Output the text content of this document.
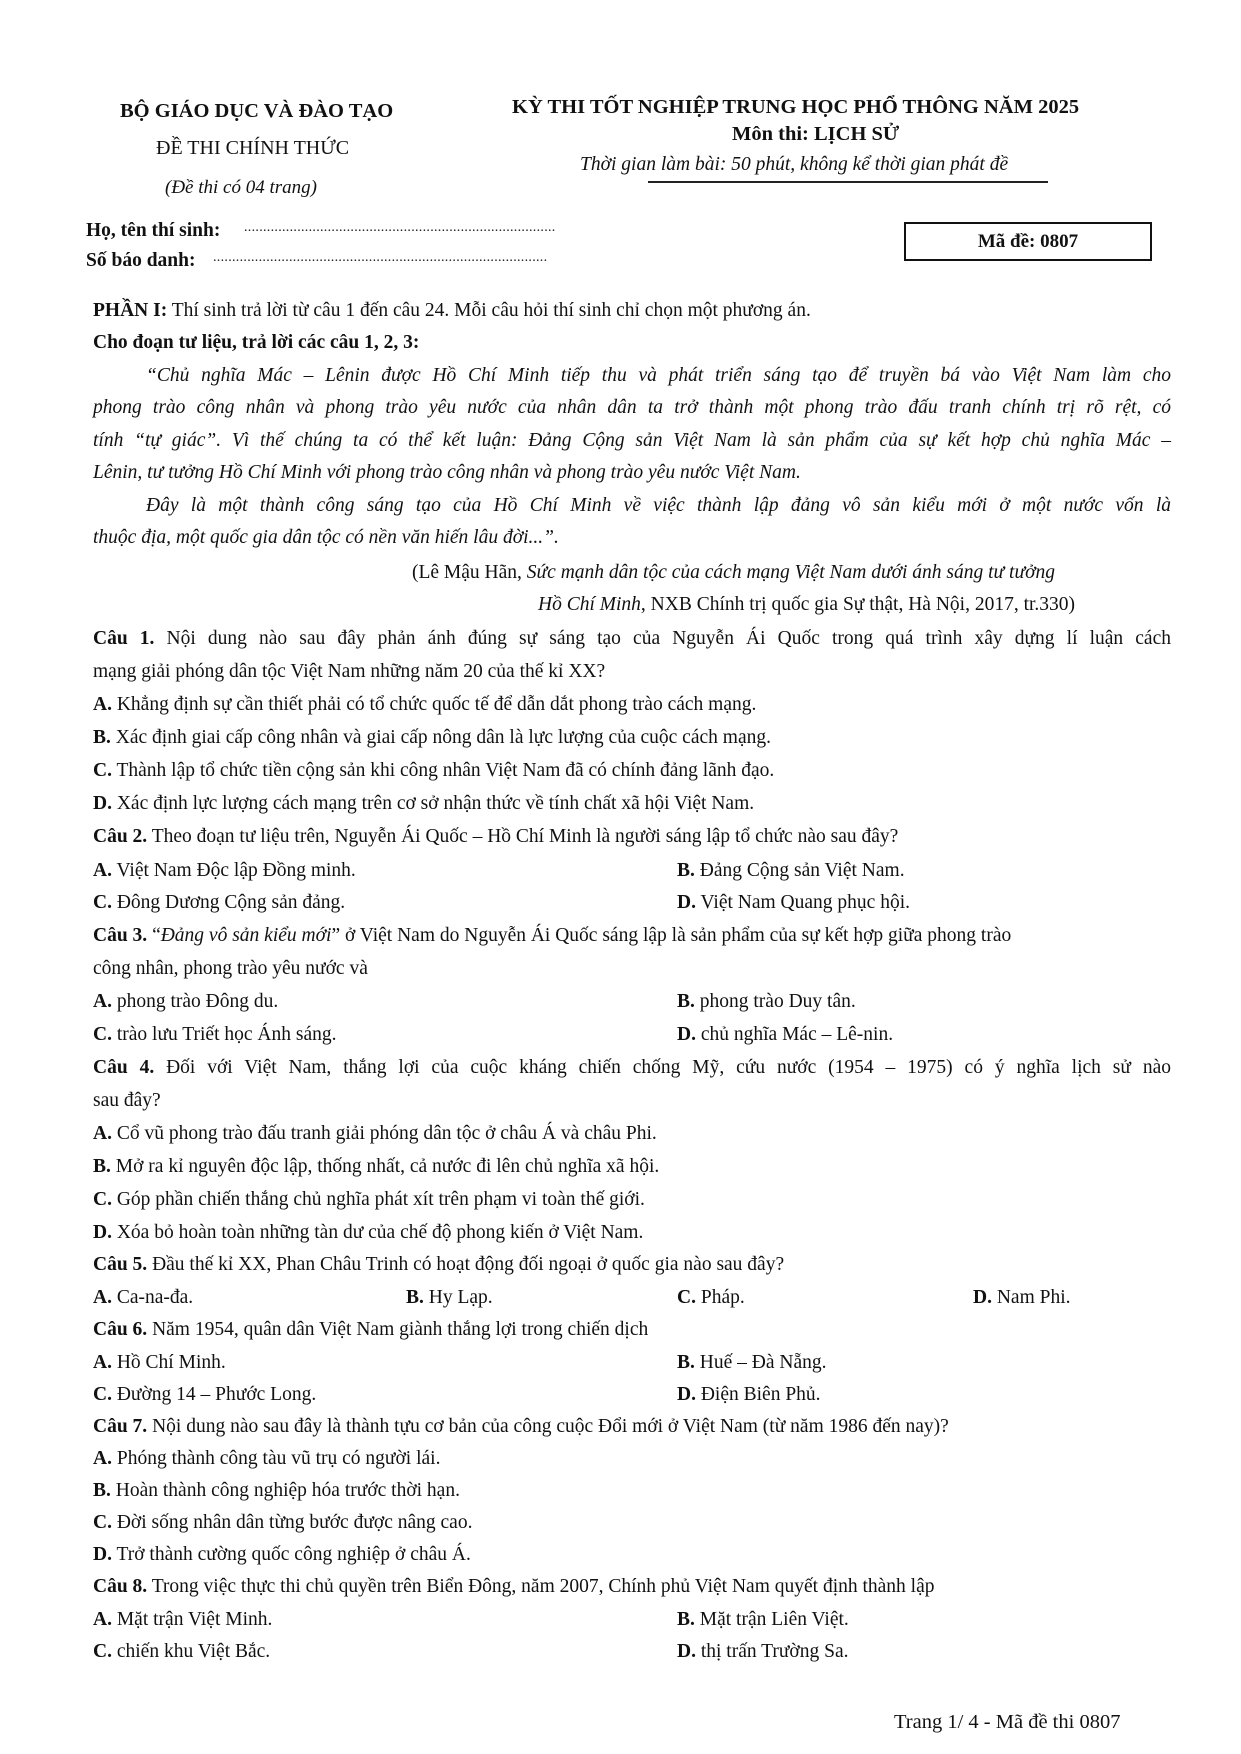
BỘ GIÁO DỤC VÀ ĐÀO TẠO
ĐỀ THI CHÍNH THỨC
(Đề thi có 04 trang)
KỲ THI TỐT NGHIỆP TRUNG HỌC PHỔ THÔNG NĂM 2025
Môn thi: LỊCH SỬ
Thời gian làm bài: 50 phút, không kể thời gian phát đề
Họ, tên thí sinh: ..................................................................................
Số báo danh: ........................................................................................
Mã đề: 0807
PHẦN I: Thí sinh trả lời từ câu 1 đến câu 24. Mỗi câu hỏi thí sinh chỉ chọn một phương án.
Cho đoạn tư liệu, trả lời các câu 1, 2, 3:
“Chủ nghĩa Mác – Lênin được Hồ Chí Minh tiếp thu và phát triển sáng tạo để truyền bá vào Việt Nam làm cho
phong trào công nhân và phong trào yêu nước của nhân dân ta trở thành một phong trào đấu tranh chính trị rõ rệt, có
tính “tự giác”. Vì thế chúng ta có thể kết luận: Đảng Cộng sản Việt Nam là sản phẩm của sự kết hợp chủ nghĩa Mác –
Lênin, tư tưởng Hồ Chí Minh với phong trào công nhân và phong trào yêu nước Việt Nam.
Đây là một thành công sáng tạo của Hồ Chí Minh về việc thành lập đảng vô sản kiểu mới ở một nước vốn là
thuộc địa, một quốc gia dân tộc có nền văn hiến lâu đời...”.
(Lê Mậu Hãn, Sức mạnh dân tộc của cách mạng Việt Nam dưới ánh sáng tư tưởng
Hồ Chí Minh, NXB Chính trị quốc gia Sự thật, Hà Nội, 2017, tr.330)
Câu 1. Nội dung nào sau đây phản ánh đúng sự sáng tạo của Nguyễn Ái Quốc trong quá trình xây dựng lí luận cách
mạng giải phóng dân tộc Việt Nam những năm 20 của thế kỉ XX?
A. Khẳng định sự cần thiết phải có tổ chức quốc tế để dẫn dắt phong trào cách mạng.
B. Xác định giai cấp công nhân và giai cấp nông dân là lực lượng của cuộc cách mạng.
C. Thành lập tổ chức tiền cộng sản khi công nhân Việt Nam đã có chính đảng lãnh đạo.
D. Xác định lực lượng cách mạng trên cơ sở nhận thức về tính chất xã hội Việt Nam.
Câu 2. Theo đoạn tư liệu trên, Nguyễn Ái Quốc – Hồ Chí Minh là người sáng lập tổ chức nào sau đây?
A. Việt Nam Độc lập Đồng minh.	B. Đảng Cộng sản Việt Nam.
C. Đông Dương Cộng sản đảng.	D. Việt Nam Quang phục hội.
Câu 3. “Đảng vô sản kiểu mới” ở Việt Nam do Nguyễn Ái Quốc sáng lập là sản phẩm của sự kết hợp giữa phong trào
công nhân, phong trào yêu nước và
A. phong trào Đông du.	B. phong trào Duy tân.
C. trào lưu Triết học Ánh sáng.	D. chủ nghĩa Mác – Lê-nin.
Câu 4. Đối với Việt Nam, thắng lợi của cuộc kháng chiến chống Mỹ, cứu nước (1954 – 1975) có ý nghĩa lịch sử nào
sau đây?
A. Cổ vũ phong trào đấu tranh giải phóng dân tộc ở châu Á và châu Phi.
B. Mở ra kỉ nguyên độc lập, thống nhất, cả nước đi lên chủ nghĩa xã hội.
C. Góp phần chiến thắng chủ nghĩa phát xít trên phạm vi toàn thế giới.
D. Xóa bỏ hoàn toàn những tàn dư của chế độ phong kiến ở Việt Nam.
Câu 5. Đầu thế kỉ XX, Phan Châu Trinh có hoạt động đối ngoại ở quốc gia nào sau đây?
A. Ca-na-đa.	B. Hy Lạp.	C. Pháp.	D. Nam Phi.
Câu 6. Năm 1954, quân dân Việt Nam giành thắng lợi trong chiến dịch
A. Hồ Chí Minh.	B. Huế – Đà Nẵng.
C. Đường 14 – Phước Long.	D. Điện Biên Phủ.
Câu 7. Nội dung nào sau đây là thành tựu cơ bản của công cuộc Đổi mới ở Việt Nam (từ năm 1986 đến nay)?
A. Phóng thành công tàu vũ trụ có người lái.
B. Hoàn thành công nghiệp hóa trước thời hạn.
C. Đời sống nhân dân từng bước được nâng cao.
D. Trở thành cường quốc công nghiệp ở châu Á.
Câu 8. Trong việc thực thi chủ quyền trên Biển Đông, năm 2007, Chính phủ Việt Nam quyết định thành lập
A. Mặt trận Việt Minh.	B. Mặt trận Liên Việt.
C. chiến khu Việt Bắc.	D. thị trấn Trường Sa.
Trang 1/ 4 - Mã đề thi 0807
